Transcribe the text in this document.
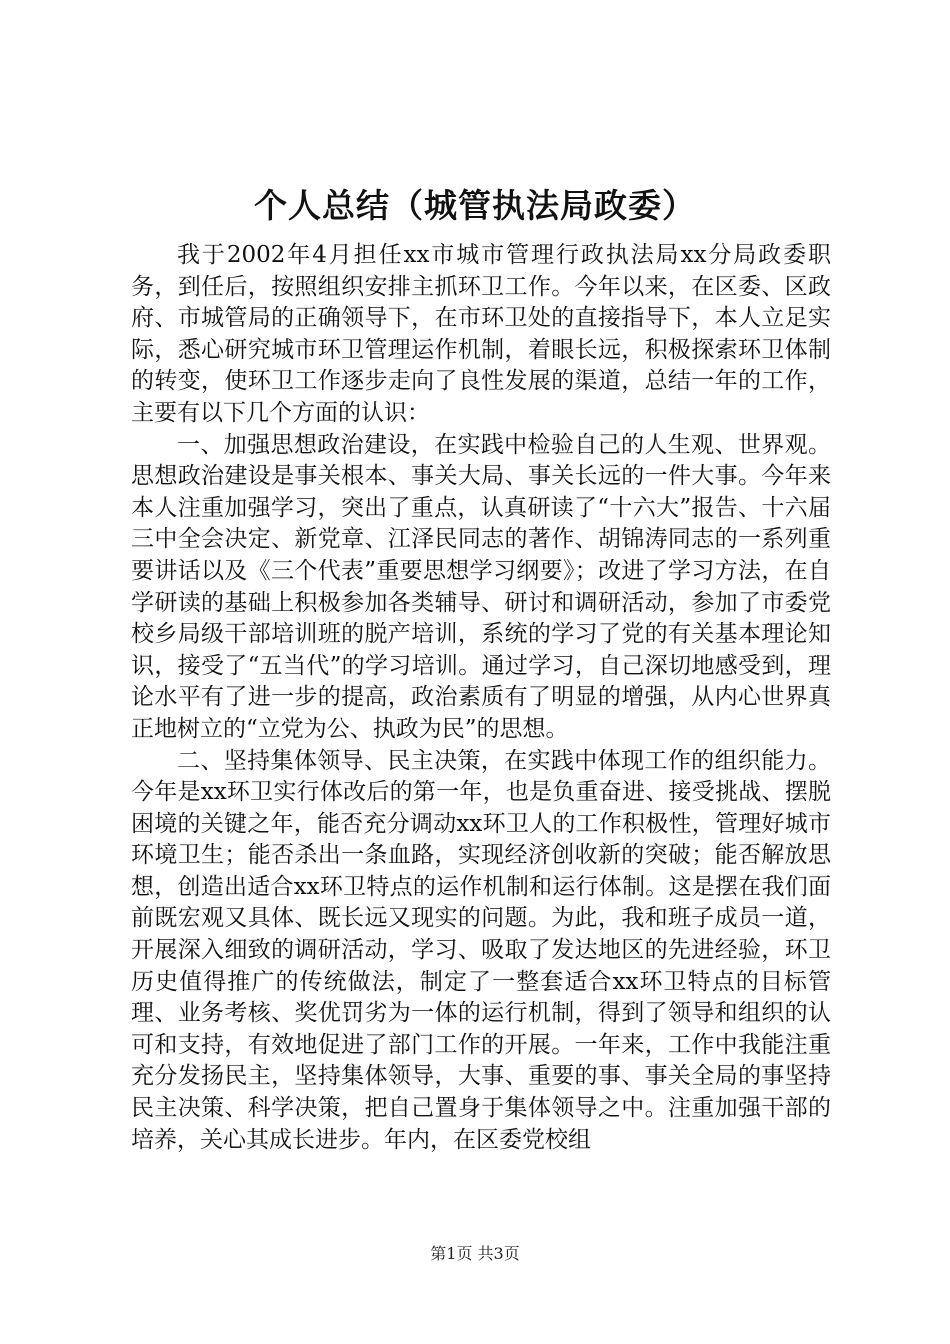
个人总结（城管执法局政委）

我于2002年4月担任xx市城市管理行政执法局xx分局政委职务，到任后，按照组织安排主抓环卫工作。今年以来，在区委、区政府、市城管局的正确领导下，在市环卫处的直接指导下，本人立足实际，悉心研究城市环卫管理运作机制，着眼长远，积极探索环卫体制的转变，使环卫工作逐步走向了良性发展的渠道，总结一年的工作，主要有以下几个方面的认识：

一、加强思想政治建设，在实践中检验自己的人生观、世界观。思想政治建设是事关根本、事关大局、事关长远的一件大事。今年来本人注重加强学习，突出了重点，认真研读了“十六大”报告、十六届三中全会决定、新党章、江泽民同志的著作、胡锦涛同志的一系列重要讲话以及《三个代表”重要思想学习纲要》；改进了学习方法，在自学研读的基础上积极参加各类辅导、研讨和调研活动，参加了市委党校乡局级干部培训班的脱产培训，系统的学习了党的有关基本理论知识，接受了“五当代”的学习培训。通过学习，自己深切地感受到，理论水平有了进一步的提高，政治素质有了明显的增强，从内心世界真正地树立的“立党为公、执政为民”的思想。

二、坚持集体领导、民主决策，在实践中体现工作的组织能力。今年是xx环卫实行体改后的第一年，也是负重奋进、接受挑战、摆脱困境的关键之年，能否充分调动xx环卫人的工作积极性，管理好城市环境卫生；能否杀出一条血路，实现经济创收新的突破；能否解放思想，创造出适合xx环卫特点的运作机制和运行体制。这是摆在我们面前既宏观又具体、既长远又现实的问题。为此，我和班子成员一道，开展深入细致的调研活动，学习、吸取了发达地区的先进经验，环卫历史值得推广的传统做法，制定了一整套适合xx环卫特点的目标管理、业务考核、奖优罚劣为一体的运行机制，得到了领导和组织的认可和支持，有效地促进了部门工作的开展。一年来，工作中我能注重充分发扬民主，坚持集体领导，大事、重要的事、事关全局的事坚持民主决策、科学决策，把自己置身于集体领导之中。注重加强干部的培养，关心其成长进步。年内，在区委党校组

第1页 共3页
